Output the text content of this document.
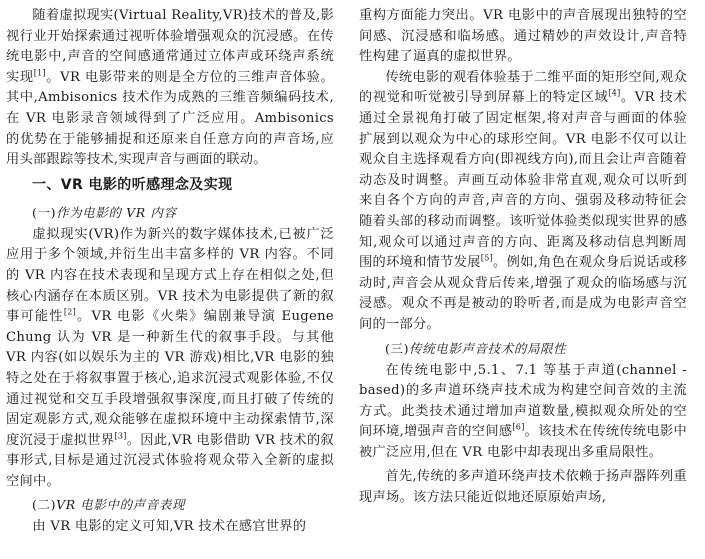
随着虚拟现实(Virtual Reality,VR)技术的普及,影视行业开始探索通过视听体验增强观众的沉浸感。在传统电影中,声音的空间感通常通过立体声或环绕声系统实现[1]。VR 电影带来的则是全方位的三维声音体验。其中,Ambisonics 技术作为成熟的三维音频编码技术,在 VR 电影录音领域得到了广泛应用。Ambisonics 的优势在于能够捕捉和还原来自任意方向的声音场,应用头部跟踪等技术,实现声音与画面的联动。

一、VR 电影的听感理念及实现
(一)作为电影的 VR 内容

虚拟现实(VR)作为新兴的数字媒体技术,已被广泛应用于多个领域,并衍生出丰富多样的 VR 内容。不同的 VR 内容在技术表现和呈现方式上存在相似之处,但核心内涵存在本质区别。VR 技术为电影提供了新的叙事可能性[2]。VR 电影《火柴》编剧兼导演 Eugene Chung 认为 VR 是一种新生代的叙事手段。与其他 VR 内容(如以娱乐为主的 VR 游戏)相比,VR 电影的独特之处在于将叙事置于核心,追求沉浸式观影体验,不仅通过视觉和交互手段增强叙事深度,而且打破了传统的固定观影方式,观众能够在虚拟环境中主动探索情节,深度沉浸于虚拟世界[3]。因此,VR 电影借助 VR 技术的叙事形式,目标是通过沉浸式体验将观众带入全新的虚拟空间中。

(二)VR 电影中的声音表现

由 VR 电影的定义可知,VR 技术在感官世界的

重构方面能力突出。VR 电影中的声音展现出独特的空间感、沉浸感和临场感。通过精妙的声效设计,声音特性构建了逼真的虚拟世界。

传统电影的观看体验基于二维平面的矩形空间,观众的视觉和听觉被引导到屏幕上的特定区域[4]。VR 技术通过全景视角打破了固定框架,将对声音与画面的体验扩展到以观众为中心的球形空间。VR 电影不仅可以让观众自主选择观看方向(即视线方向),而且会让声音随着动态及时调整。声画互动体验非常直观,观众可以听到来自各个方向的声音,声音的方向、强弱及移动特征会随着头部的移动而调整。该听觉体验类似现实世界的感知,观众可以通过声音的方向、距离及移动信息判断周围的环境和情节发展[5]。例如,角色在观众身后说话或移动时,声音会从观众背后传来,增强了观众的临场感与沉浸感。观众不再是被动的聆听者,而是成为电影声音空间的一部分。

(三)传统电影声音技术的局限性

在传统电影中,5.1、7.1 等基于声道(channel -based)的多声道环绕声技术成为构建空间音效的主流方式。此类技术通过增加声道数量,模拟观众所处的空间环境,增强声音的空间感[6]。该技术在传统传统电影中被广泛应用,但在 VR 电影中却表现出多重局限性。

首先,传统的多声道环绕声技术依赖于扬声器阵列重现声场。该方法只能近似地还原原始声场,
